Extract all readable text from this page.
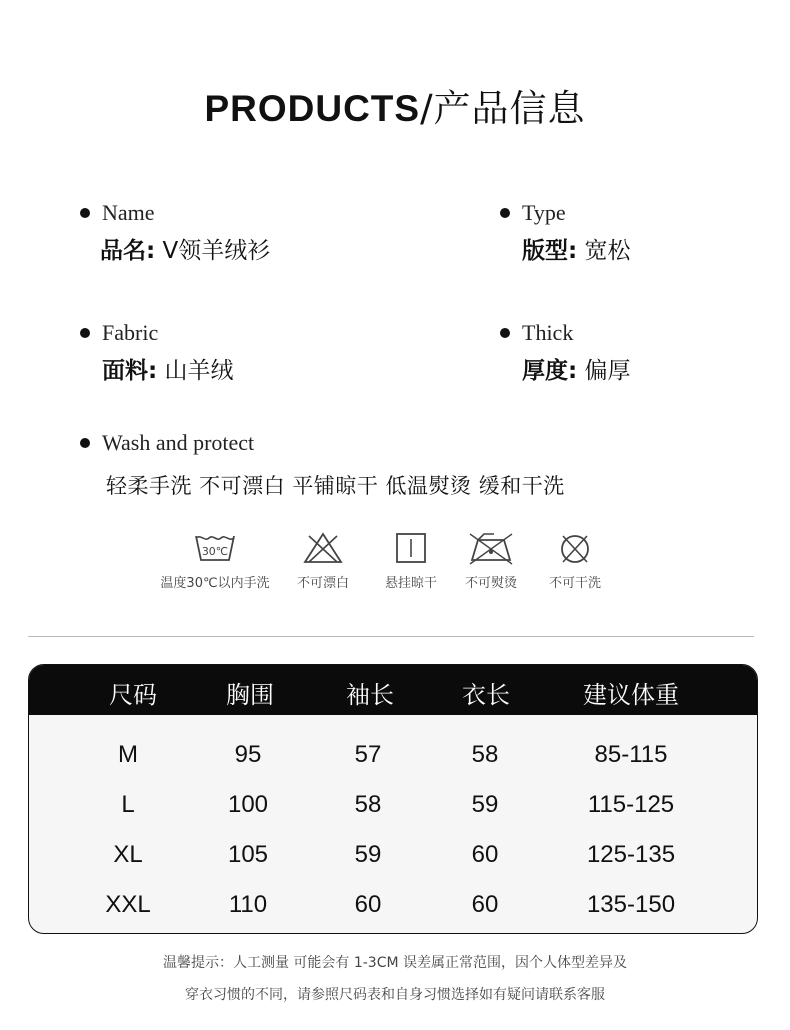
PRODUCTS/产品信息
Name
品名: V领羊绒衫
Type
版型: 宽松
Fabric
面料: 山羊绒
Thick
厚度: 偏厚
Wash and protect
轻柔手洗 不可漂白 平铺晾干 低温熨烫 缓和干洗
30℃
温度30℃以内手洗	不可漂白	悬挂晾干	不可熨烫	不可干洗
尺码	胸围	袖长	衣长	建议体重
M	95	57	58	85-115
L	100	58	59	115-125
XL	105	59	60	125-135
XXL	110	60	60	135-150
温馨提示：人工测量 可能会有 1-3CM 误差属正常范围，因个人体型差异及
穿衣习惯的不同，请参照尺码表和自身习惯选择如有疑问请联系客服
